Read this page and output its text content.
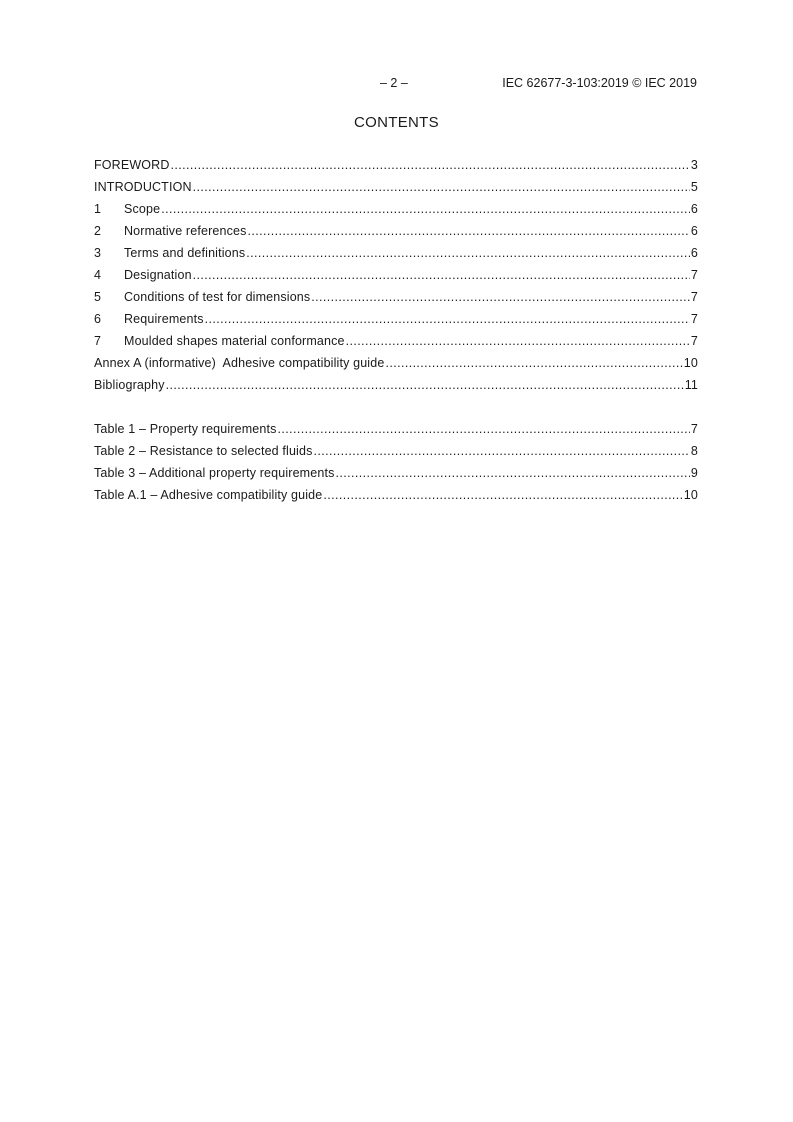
– 2 –	IEC 62677-3-103:2019 © IEC 2019
CONTENTS
FOREWORD .....	3
INTRODUCTION .....	5
1	Scope .....	6
2	Normative references .....	6
3	Terms and definitions .....	6
4	Designation .....	7
5	Conditions of test for dimensions .....	7
6	Requirements .....	7
7	Moulded shapes material conformance .....	7
Annex A (informative)  Adhesive compatibility guide .....	10
Bibliography .....	11
Table 1 – Property requirements .....	7
Table 2 – Resistance to selected fluids .....	8
Table 3 – Additional property requirements .....	9
Table A.1 – Adhesive compatibility guide .....	10
